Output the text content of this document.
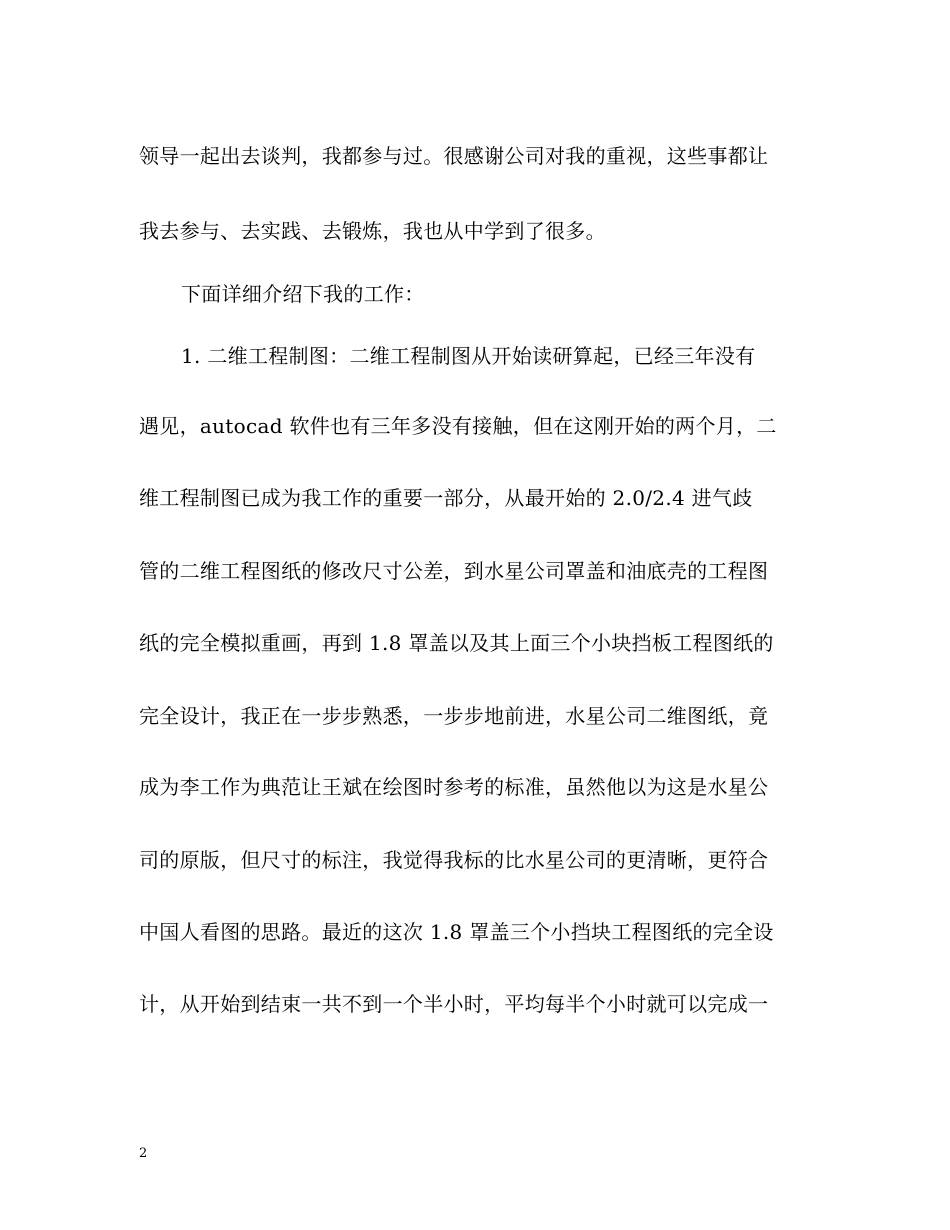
领导一起出去谈判，我都参与过。很感谢公司对我的重视，这些事都让
我去参与、去实践、去锻炼，我也从中学到了很多。
下面详细介绍下我的工作：
1. 二维工程制图：二维工程制图从开始读研算起，已经三年没有
遇见，autocad 软件也有三年多没有接触，但在这刚开始的两个月，二
维工程制图已成为我工作的重要一部分，从最开始的 2.0/2.4 进气歧
管的二维工程图纸的修改尺寸公差，到水星公司罩盖和油底壳的工程图
纸的完全模拟重画，再到 1.8 罩盖以及其上面三个小块挡板工程图纸的
完全设计，我正在一步步熟悉，一步步地前进，水星公司二维图纸，竟
成为李工作为典范让王斌在绘图时参考的标准，虽然他以为这是水星公
司的原版，但尺寸的标注，我觉得我标的比水星公司的更清晰，更符合
中国人看图的思路。最近的这次 1.8 罩盖三个小挡块工程图纸的完全设
计，从开始到结束一共不到一个半小时，平均每半个小时就可以完成一
2
